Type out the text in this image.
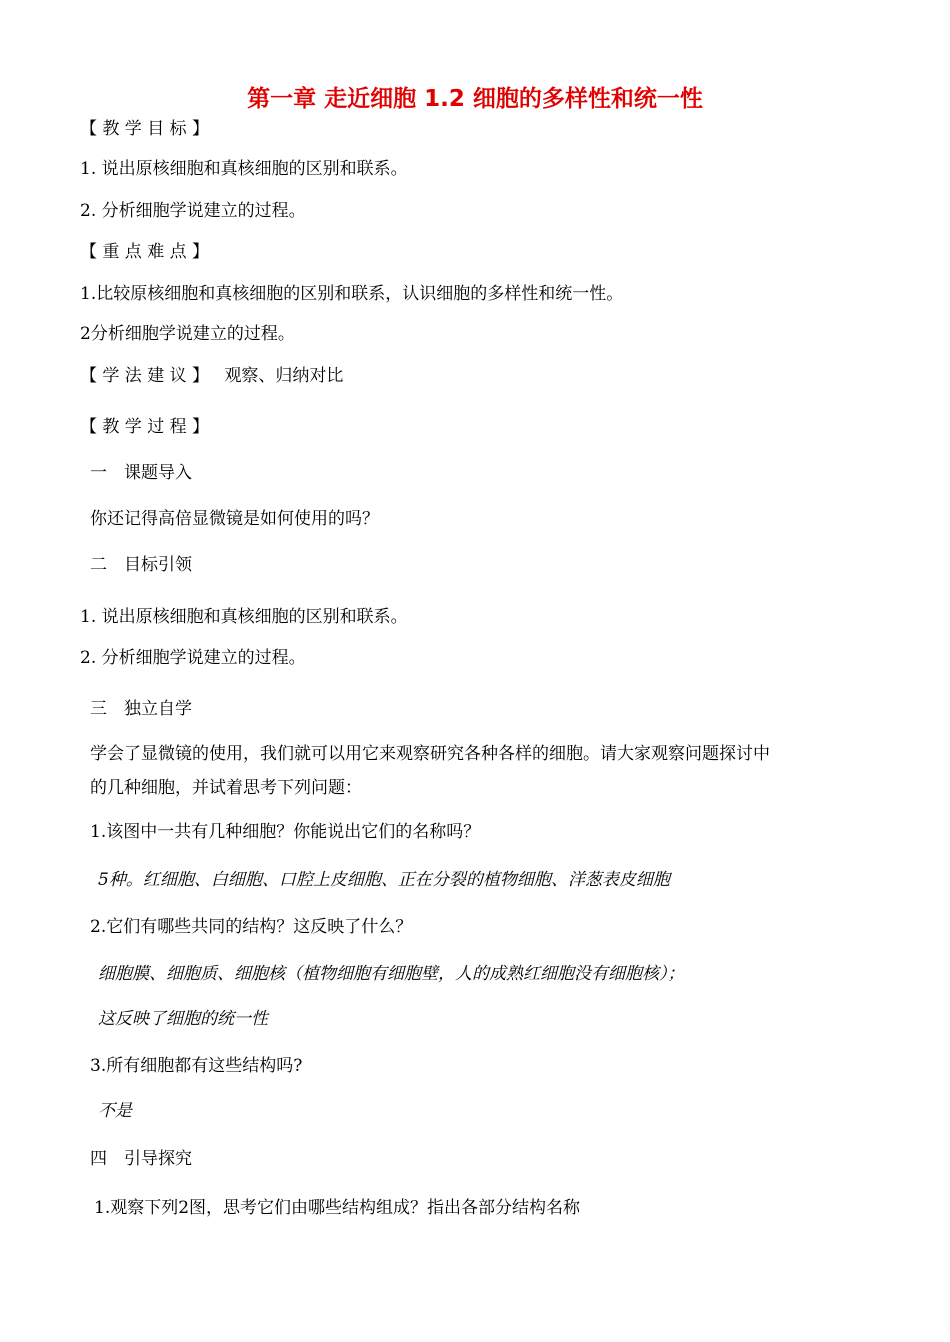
第一章 走近细胞 1.2 细胞的多样性和统一性
【 教 学 目 标 】
1. 说出原核细胞和真核细胞的区别和联系。
2. 分析细胞学说建立的过程。
【 重 点 难 点 】
1.比较原核细胞和真核细胞的区别和联系，认识细胞的多样性和统一性。
2分析细胞学说建立的过程。
【 学 法 建 议 】 观察、归纳对比
【 教 学 过 程 】
一　课题导入
你还记得高倍显微镜是如何使用的吗？
二　目标引领
1. 说出原核细胞和真核细胞的区别和联系。
2. 分析细胞学说建立的过程。
三　独立自学
学会了显微镜的使用，我们就可以用它来观察研究各种各样的细胞。请大家观察问题探讨中
的几种细胞，并试着思考下列问题：
1.该图中一共有几种细胞？你能说出它们的名称吗？
5种。红细胞、白细胞、口腔上皮细胞、正在分裂的植物细胞、洋葱表皮细胞
2.它们有哪些共同的结构？这反映了什么？
细胞膜、细胞质、细胞核（植物细胞有细胞壁，人的成熟红细胞没有细胞核）；
这反映了细胞的统一性
3.所有细胞都有这些结构吗?
不是
四　引导探究
1.观察下列2图，思考它们由哪些结构组成？指出各部分结构名称
